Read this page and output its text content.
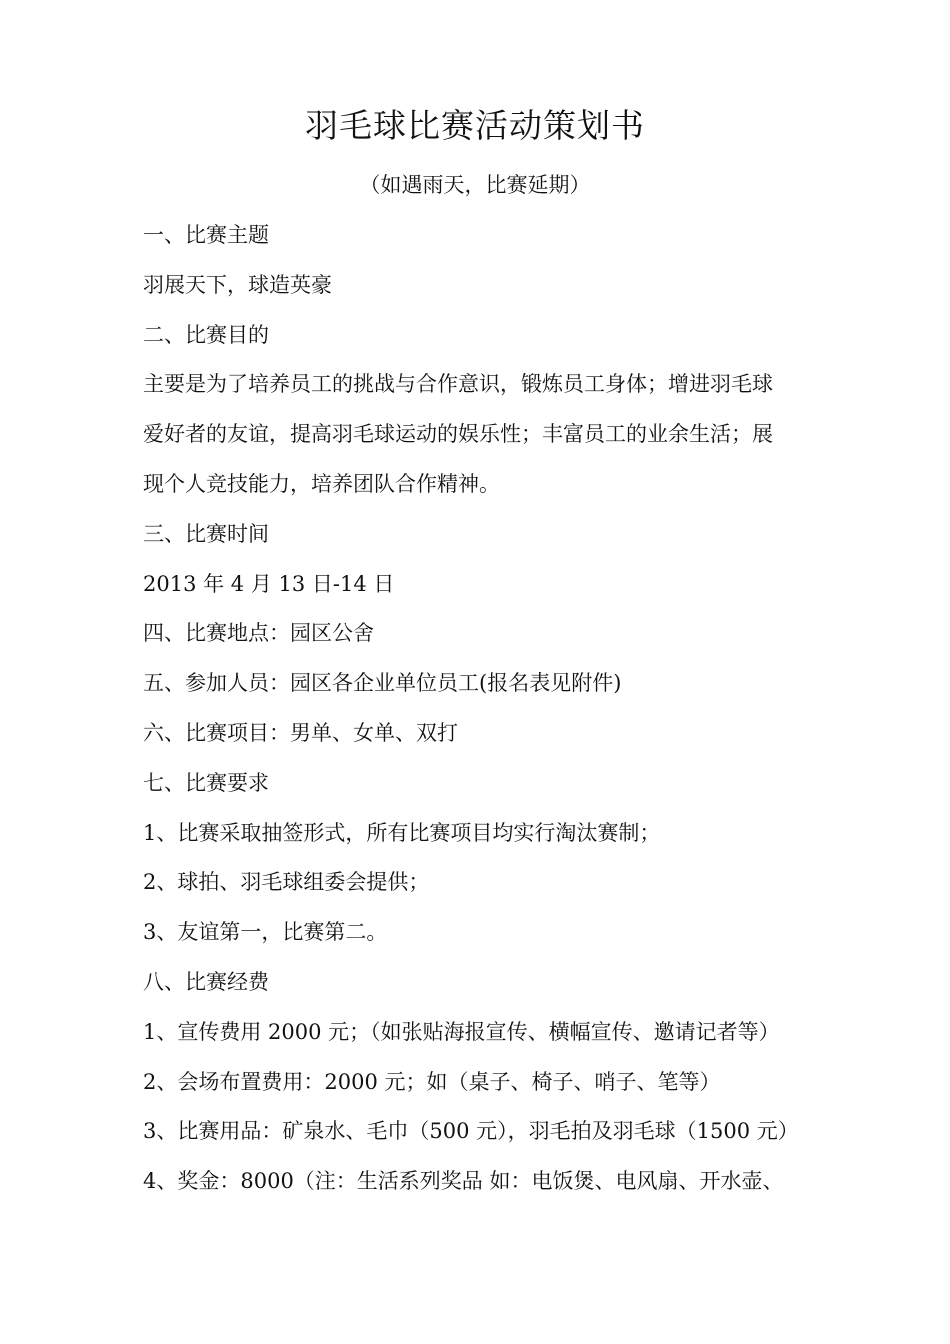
羽毛球比赛活动策划书
（如遇雨天，比赛延期）
一、比赛主题
羽展天下，球造英豪
二、比赛目的
主要是为了培养员工的挑战与合作意识，锻炼员工身体；增进羽毛球
爱好者的友谊，提高羽毛球运动的娱乐性；丰富员工的业余生活；展
现个人竞技能力，培养团队合作精神。
三、比赛时间
2013 年 4 月 13 日-14 日
四、比赛地点：园区公舍
五、参加人员：园区各企业单位员工(报名表见附件)
六、比赛项目：男单、女单、双打
七、比赛要求
1、比赛采取抽签形式，所有比赛项目均实行淘汰赛制；
2、球拍、羽毛球组委会提供；
3、友谊第一，比赛第二。
八、比赛经费
1、宣传费用 2000 元；（如张贴海报宣传、横幅宣传、邀请记者等）
2、会场布置费用：2000 元；如（桌子、椅子、哨子、笔等）
3、比赛用品：矿泉水、毛巾（500 元），羽毛拍及羽毛球（1500 元）
4、奖金：8000（注：生活系列奖品 如：电饭煲、电风扇、开水壶、
